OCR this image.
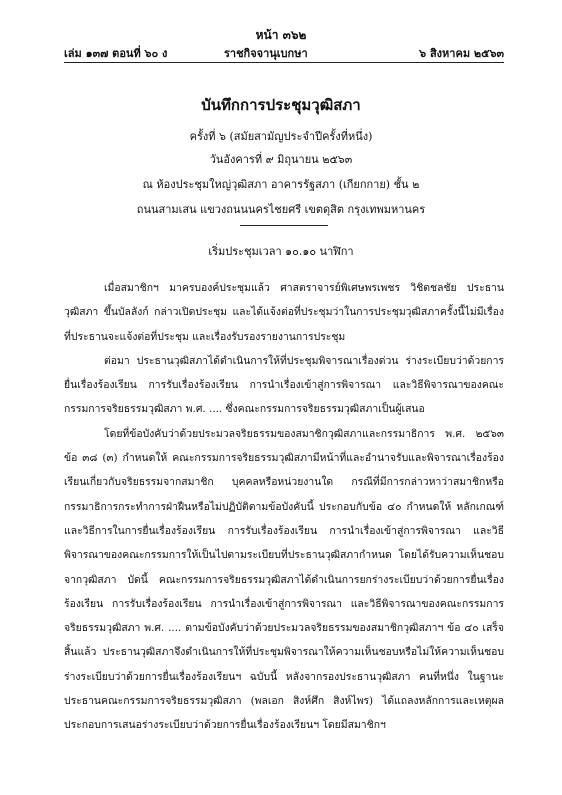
หน้า ๓๖๒
เล่ม ๑๓๗ ตอนที่ ๖๐ ง	ราชกิจจานุเบกษา	๖ สิงหาคม ๒๕๖๓
บันทึกการประชุมวุฒิสภา
ครั้งที่ ๖ (สมัยสามัญประจำปีครั้งที่หนึ่ง)
วันอังคารที่ ๙ มิถุนายน ๒๕๖๓
ณ ห้องประชุมใหญ่วุฒิสภา อาคารรัฐสภา (เกียกกาย) ชั้น ๒
ถนนสามเสน แขวงถนนนครไชยศรี เขตดุสิต กรุงเทพมหานคร
เริ่มประชุมเวลา ๑๐.๑๐ นาฬิกา

เมื่อสมาชิกฯ มาครบองค์ประชุมแล้ว ศาสตราจารย์พิเศษพรเพชร วิชิตชลชัย ประธานวุฒิสภา ขึ้นบัลลังก์ กล่าวเปิดประชุม และได้แจ้งต่อที่ประชุมว่าในการประชุมวุฒิสภาครั้งนี้ไม่มีเรื่องที่ประธานจะแจ้งต่อที่ประชุม และเรื่องรับรองรายงานการประชุม

ต่อมา ประธานวุฒิสภาได้ดำเนินการให้ที่ประชุมพิจารณาเรื่องด่วน ร่างระเบียบว่าด้วยการยื่นเรื่องร้องเรียน การรับเรื่องร้องเรียน การนำเรื่องเข้าสู่การพิจารณา และวิธีพิจารณาของคณะกรรมการจริยธรรมวุฒิสภา พ.ศ. .... ซึ่งคณะกรรมการจริยธรรมวุฒิสภาเป็นผู้เสนอ

โดยที่ข้อบังคับว่าด้วยประมวลจริยธรรมของสมาชิกวุฒิสภาและกรรมาธิการ พ.ศ. ๒๕๖๓ ข้อ ๓๘ (๓) กำหนดให้ คณะกรรมการจริยธรรมวุฒิสภามีหน้าที่และอำนาจรับและพิจารณาเรื่องร้องเรียนเกี่ยวกับจริยธรรมจากสมาชิก บุคคลหรือหน่วยงานใด กรณีที่มีการกล่าวหาว่าสมาชิกหรือกรรมาธิการกระทำการฝ่าฝืนหรือไม่ปฏิบัติตามข้อบังคับนี้ ประกอบกับข้อ ๔๐ กำหนดให้ หลักเกณฑ์และวิธีการในการยื่นเรื่องร้องเรียน การรับเรื่องร้องเรียน การนำเรื่องเข้าสู่การพิจารณา และวิธีพิจารณาของคณะกรรมการให้เป็นไปตามระเบียบที่ประธานวุฒิสภากำหนด โดยได้รับความเห็นชอบจากวุฒิสภา บัดนี้ คณะกรรมการจริยธรรมวุฒิสภาได้ดำเนินการยกร่างระเบียบว่าด้วยการยื่นเรื่องร้องเรียน การรับเรื่องร้องเรียน การนำเรื่องเข้าสู่การพิจารณา และวิธีพิจารณาของคณะกรรมการจริยธรรมวุฒิสภา พ.ศ. .... ตามข้อบังคับว่าด้วยประมวลจริยธรรมของสมาชิกวุฒิสภาฯ ข้อ ๔๐ เสร็จสิ้นแล้ว ประธานวุฒิสภาจึงดำเนินการให้ที่ประชุมพิจารณาให้ความเห็นชอบหรือไม่ให้ความเห็นชอบร่างระเบียบว่าด้วยการยื่นเรื่องร้องเรียนฯ ฉบับนี้ หลังจากรองประธานวุฒิสภา คนที่หนึ่ง ในฐานะประธานคณะกรรมการจริยธรรมวุฒิสภา (พลเอก สิงห์ศึก สิงห์ไพร) ได้แถลงหลักการและเหตุผลประกอบการเสนอร่างระเบียบว่าด้วยการยื่นเรื่องร้องเรียนฯ โดยมีสมาชิกฯ
